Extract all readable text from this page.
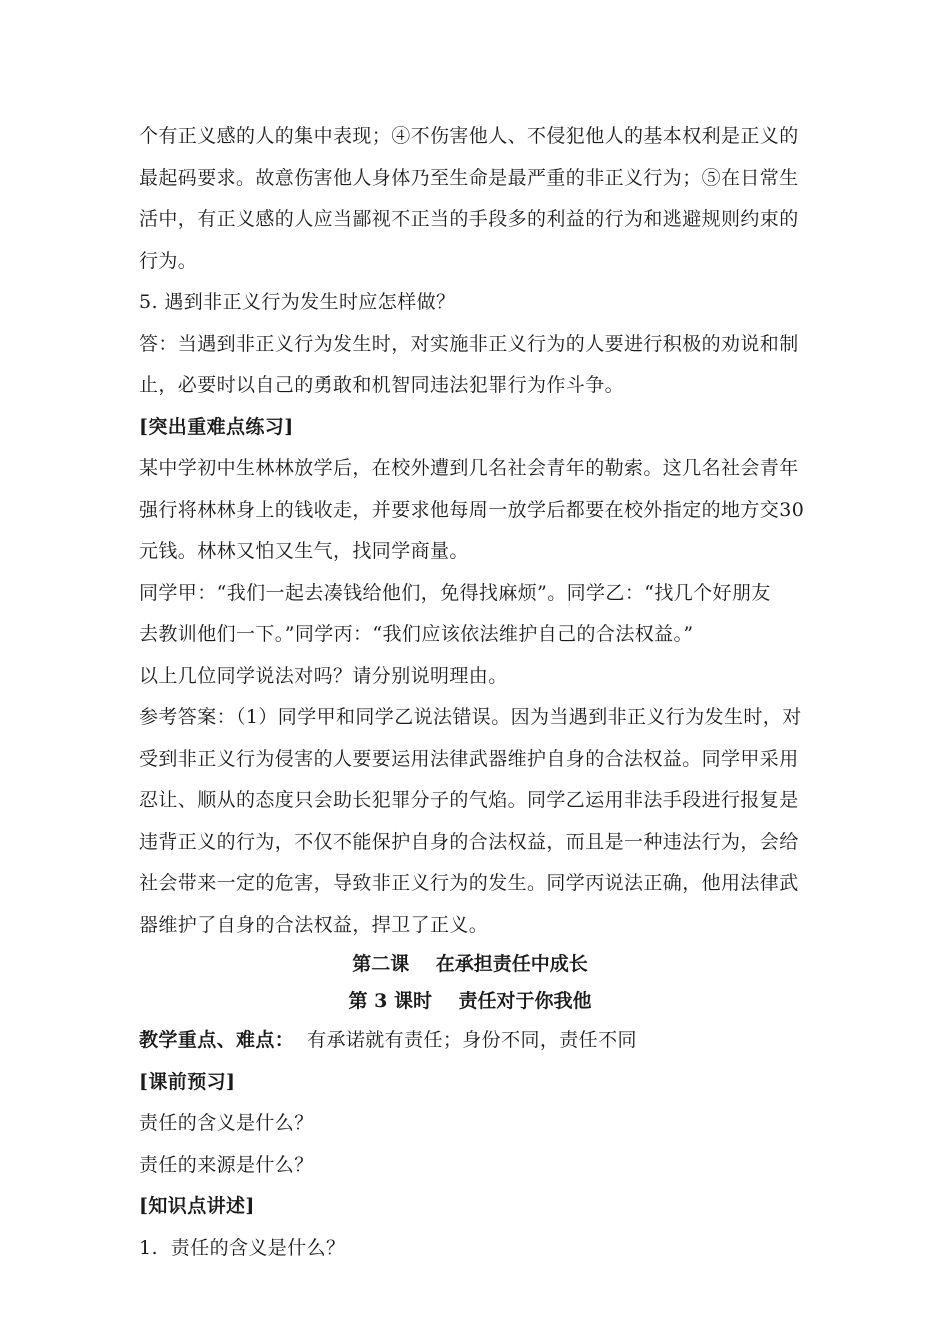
个有正义感的人的集中表现；④不伤害他人、不侵犯他人的基本权利是正义的
最起码要求。故意伤害他人身体乃至生命是最严重的非正义行为；⑤在日常生
活中，有正义感的人应当鄙视不正当的手段多的利益的行为和逃避规则约束的
行为。
5. 遇到非正义行为发生时应怎样做？
答：当遇到非正义行为发生时，对实施非正义行为的人要进行积极的劝说和制
止，必要时以自己的勇敢和机智同违法犯罪行为作斗争。
[突出重难点练习]
某中学初中生林林放学后，在校外遭到几名社会青年的勒索。这几名社会青年
强行将林林身上的钱收走，并要求他每周一放学后都要在校外指定的地方交30
元钱。林林又怕又生气，找同学商量。
同学甲：“我们一起去凑钱给他们，免得找麻烦”。同学乙：“找几个好朋友
去教训他们一下。”同学丙：“我们应该依法维护自己的合法权益。”
以上几位同学说法对吗？请分别说明理由。
参考答案：（1）同学甲和同学乙说法错误。因为当遇到非正义行为发生时，对
受到非正义行为侵害的人要要运用法律武器维护自身的合法权益。同学甲采用
忍让、顺从的态度只会助长犯罪分子的气焰。同学乙运用非法手段进行报复是
违背正义的行为，不仅不能保护自身的合法权益，而且是一种违法行为，会给
社会带来一定的危害，导致非正义行为的发生。同学丙说法正确，他用法律武
器维护了自身的合法权益，捍卫了正义。
第二课    在承担责任中成长
第 3 课时    责任对于你我他
教学重点、难点：  有承诺就有责任；身份不同，责任不同
[课前预习]
责任的含义是什么？
责任的来源是什么？
[知识点讲述]
1.  责任的含义是什么？
